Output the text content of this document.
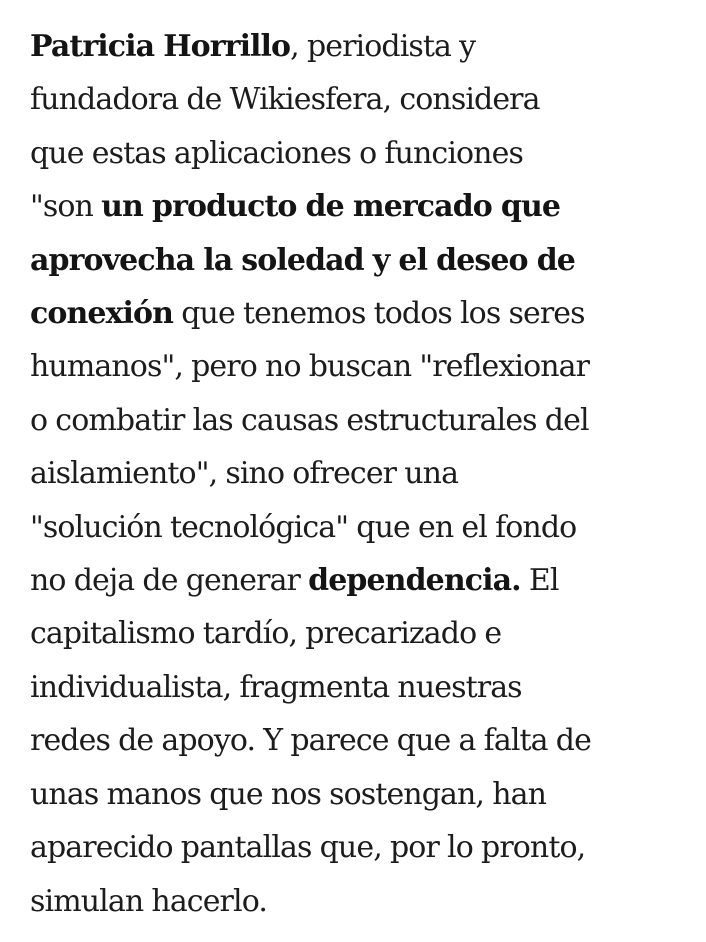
Patricia Horrillo, periodista y
fundadora de Wikiesfera, considera
que estas aplicaciones o funciones
"son un producto de mercado que
aprovecha la soledad y el deseo de
conexión que tenemos todos los seres
humanos", pero no buscan "reflexionar
o combatir las causas estructurales del
aislamiento", sino ofrecer una
"solución tecnológica" que en el fondo
no deja de generar dependencia. El
capitalismo tardío, precarizado e
individualista, fragmenta nuestras
redes de apoyo. Y parece que a falta de
unas manos que nos sostengan, han
aparecido pantallas que, por lo pronto,
simulan hacerlo.
